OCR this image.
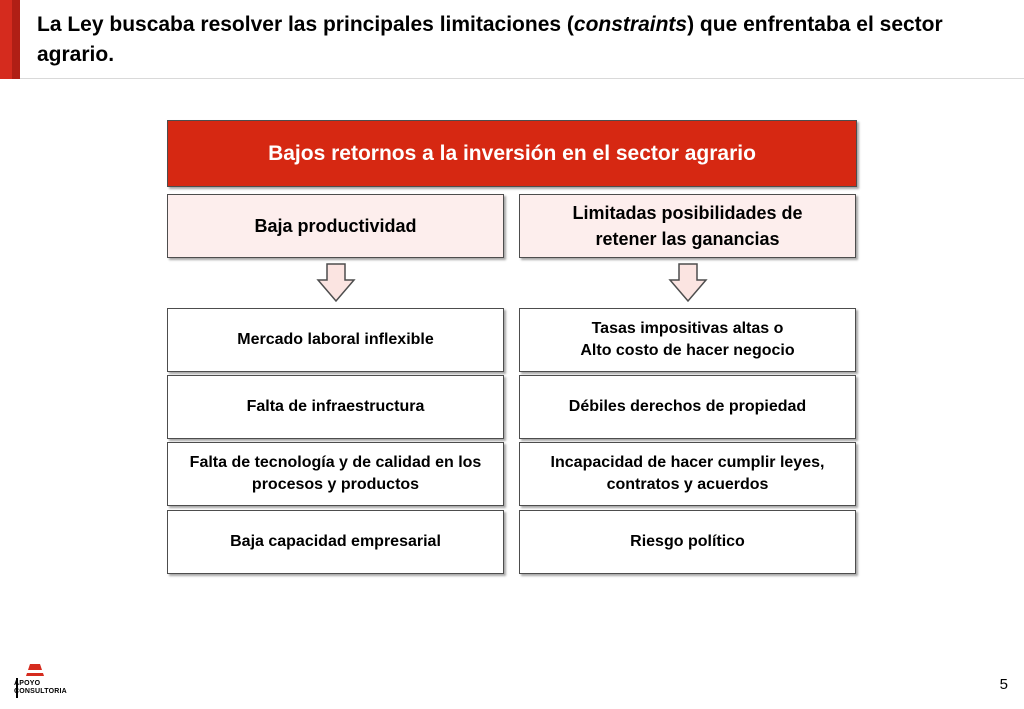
La Ley buscaba resolver las principales limitaciones (constraints) que enfrentaba el sector agrario.
Bajos retornos a la inversión en el sector agrario
Baja productividad
Limitadas posibilidades de retener las ganancias
Mercado laboral inflexible
Falta de infraestructura
Falta de tecnología y de calidad en los procesos y productos
Baja capacidad empresarial
Tasas impositivas altas o
Alto costo de hacer negocio
Débiles derechos de propiedad
Incapacidad de hacer cumplir leyes, contratos y acuerdos
Riesgo político
APOYO
CONSULTORIA	5
